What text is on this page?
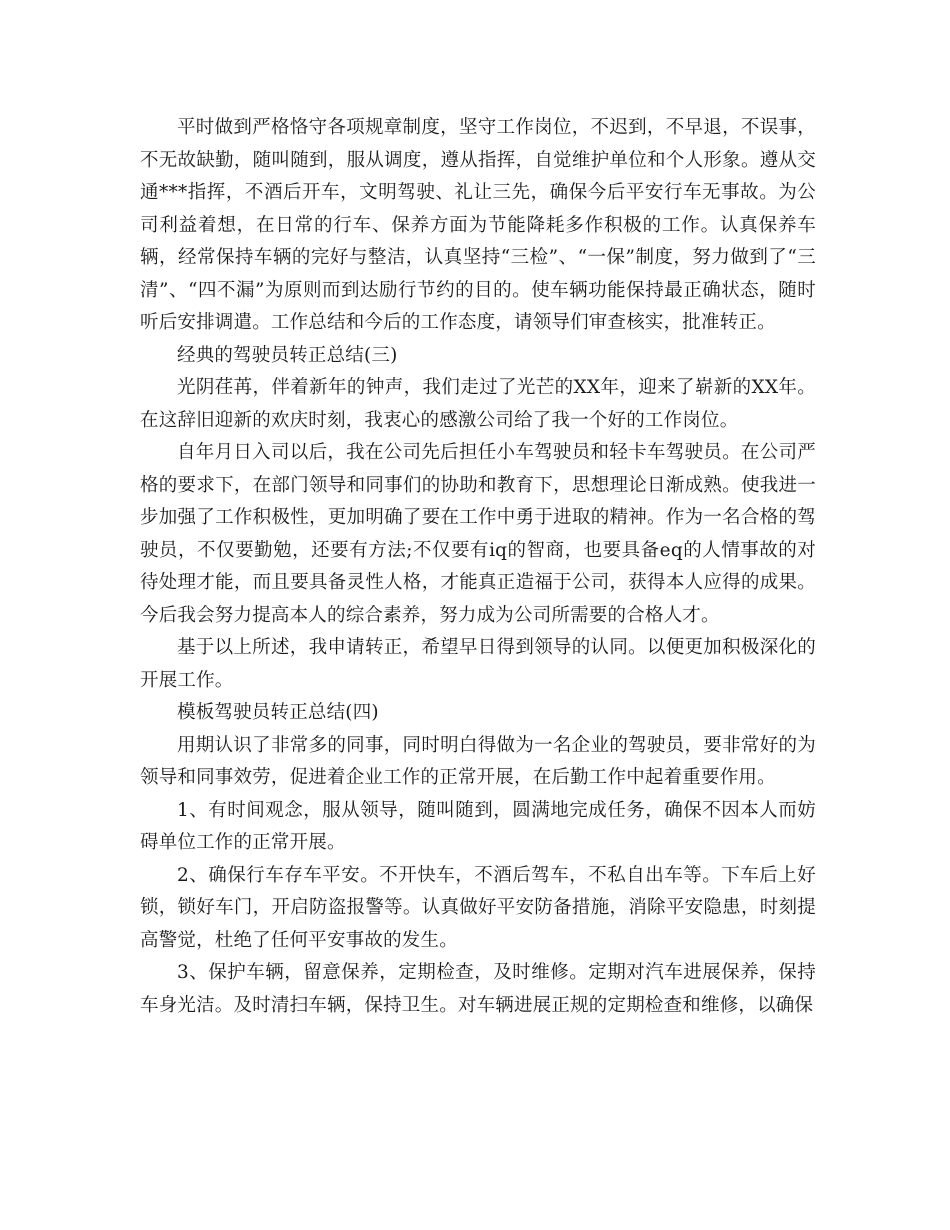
平时做到严格恪守各项规章制度，坚守工作岗位，不迟到，不早退，不误事，不无故缺勤，随叫随到，服从调度，遵从指挥，自觉维护单位和个人形象。遵从交通***指挥，不酒后开车，文明驾驶、礼让三先，确保今后平安行车无事故。为公司利益着想，在日常的行车、保养方面为节能降耗多作积极的工作。认真保养车辆，经常保持车辆的完好与整洁，认真坚持“三检”、“一保”制度，努力做到了“三清”、“四不漏”为原则而到达励行节约的目的。使车辆功能保持最正确状态，随时听后安排调遣。工作总结和今后的工作态度，请领导们审查核实，批准转正。

经典的驾驶员转正总结(三)

光阴荏苒，伴着新年的钟声，我们走过了光芒的XX年，迎来了崭新的XX年。在这辞旧迎新的欢庆时刻，我衷心的感激公司给了我一个好的工作岗位。

自年月日入司以后，我在公司先后担任小车驾驶员和轻卡车驾驶员。在公司严格的要求下，在部门领导和同事们的协助和教育下，思想理论日渐成熟。使我进一步加强了工作积极性，更加明确了要在工作中勇于进取的精神。作为一名合格的驾驶员，不仅要勤勉，还要有方法;不仅要有iq的智商，也要具备eq的人情事故的对待处理才能，而且要具备灵性人格，才能真正造福于公司，获得本人应得的成果。今后我会努力提高本人的综合素养，努力成为公司所需要的合格人才。

基于以上所述，我申请转正，希望早日得到领导的认同。以便更加积极深化的开展工作。

模板驾驶员转正总结(四)

用期认识了非常多的同事，同时明白得做为一名企业的驾驶员，要非常好的为领导和同事效劳，促进着企业工作的正常开展，在后勤工作中起着重要作用。

1、有时间观念，服从领导，随叫随到，圆满地完成任务，确保不因本人而妨碍单位工作的正常开展。

2、确保行车存车平安。不开快车，不酒后驾车，不私自出车等。下车后上好锁，锁好车门，开启防盗报警等。认真做好平安防备措施，消除平安隐患，时刻提高警觉，杜绝了任何平安事故的发生。

3、保护车辆，留意保养，定期检查，及时维修。定期对汽车进展保养，保持车身光洁。及时清扫车辆，保持卫生。对车辆进展正规的定期检查和维修，以确保
